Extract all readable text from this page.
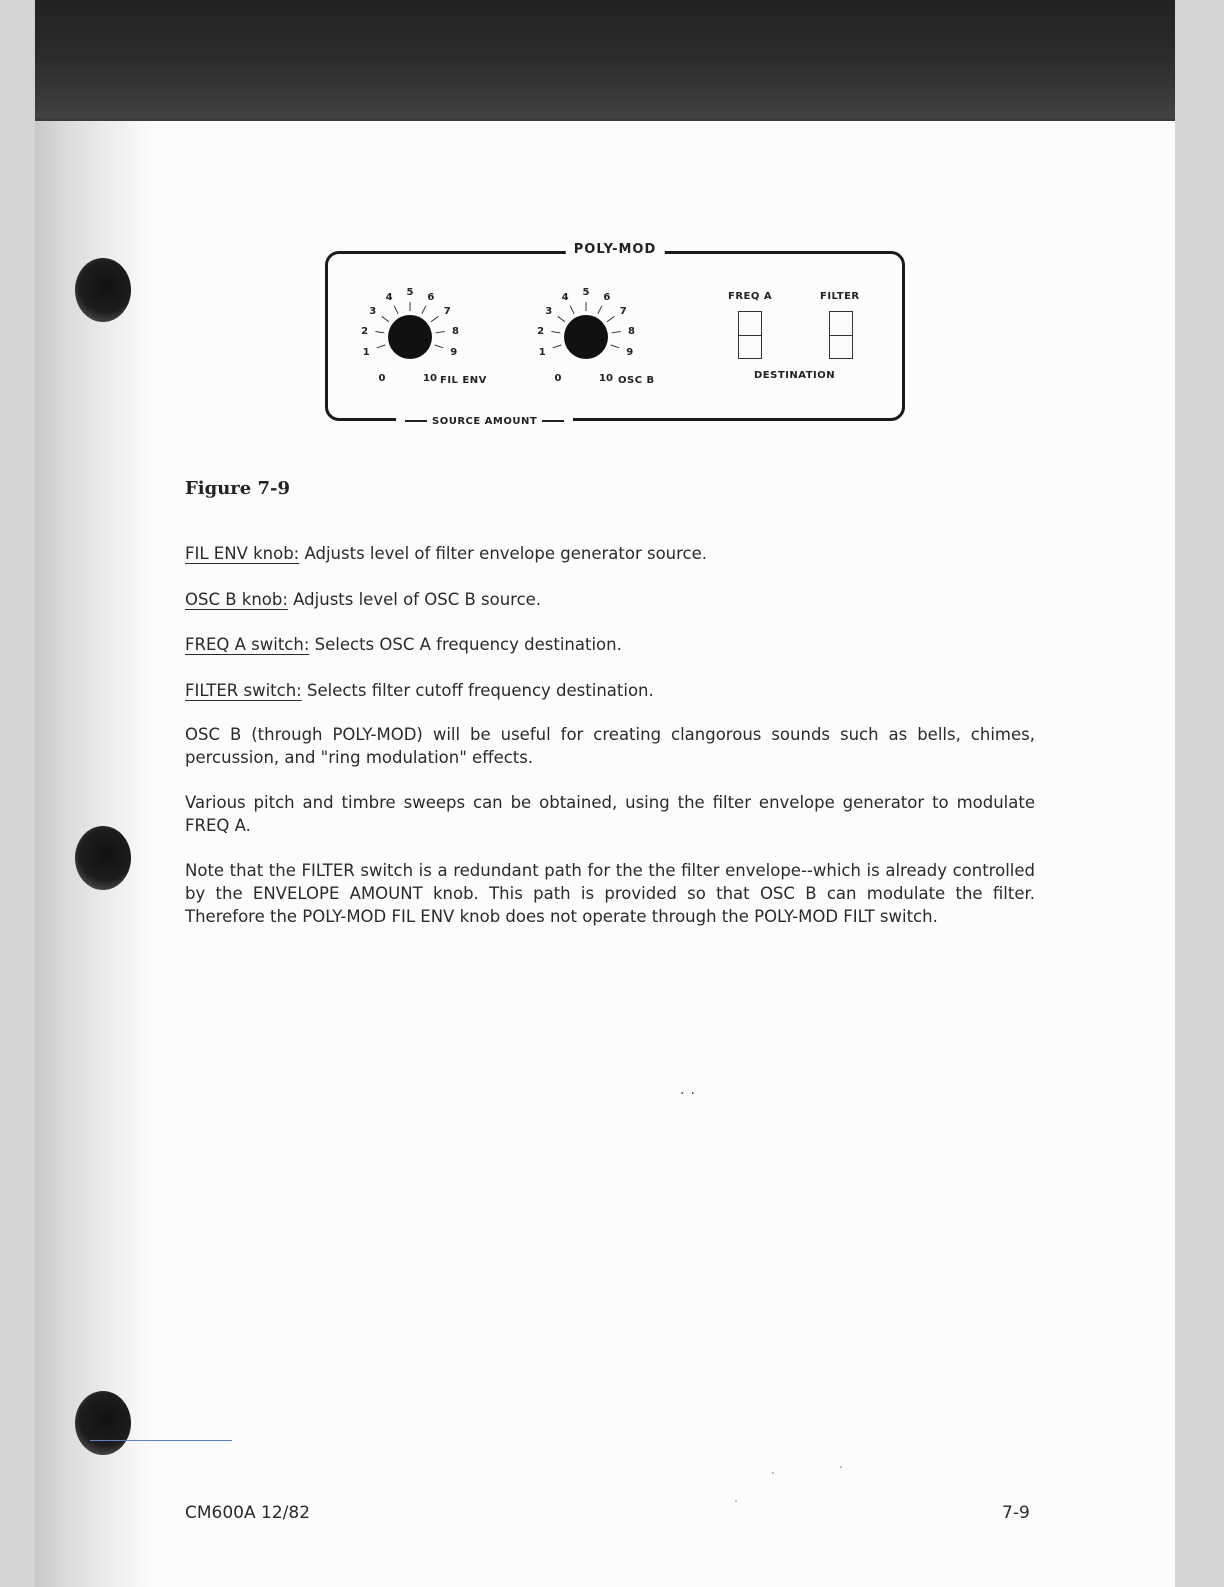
POLY-MOD
0
1
2
3
4 5 6
7
8
9
10 FIL ENV	0
1
2
3
4 5 6
7
8
9
10 OSC B
FREQ A	FILTER
DESTINATION
SOURCE AMOUNT
Figure 7-9

FIL ENV knob: Adjusts level of filter envelope generator source.

OSC B knob: Adjusts level of OSC B source.

FREQ A switch: Selects OSC A frequency destination.

FILTER switch: Selects filter cutoff frequency destination.

OSC B (through POLY-MOD) will be useful for creating clangorous sounds such as bells, chimes, percussion, and "ring modulation" effects.

Various pitch and timbre sweeps can be obtained, using the filter envelope generator to modulate FREQ A.

Note that the FILTER switch is a redundant path for the the filter envelope--which is already controlled by the ENVELOPE AMOUNT knob. This path is provided so that OSC B can modulate the filter. Therefore the POLY-MOD FIL ENV knob does not operate through the POLY-MOD FILT switch.

··
CM600A 12/82	7-9
